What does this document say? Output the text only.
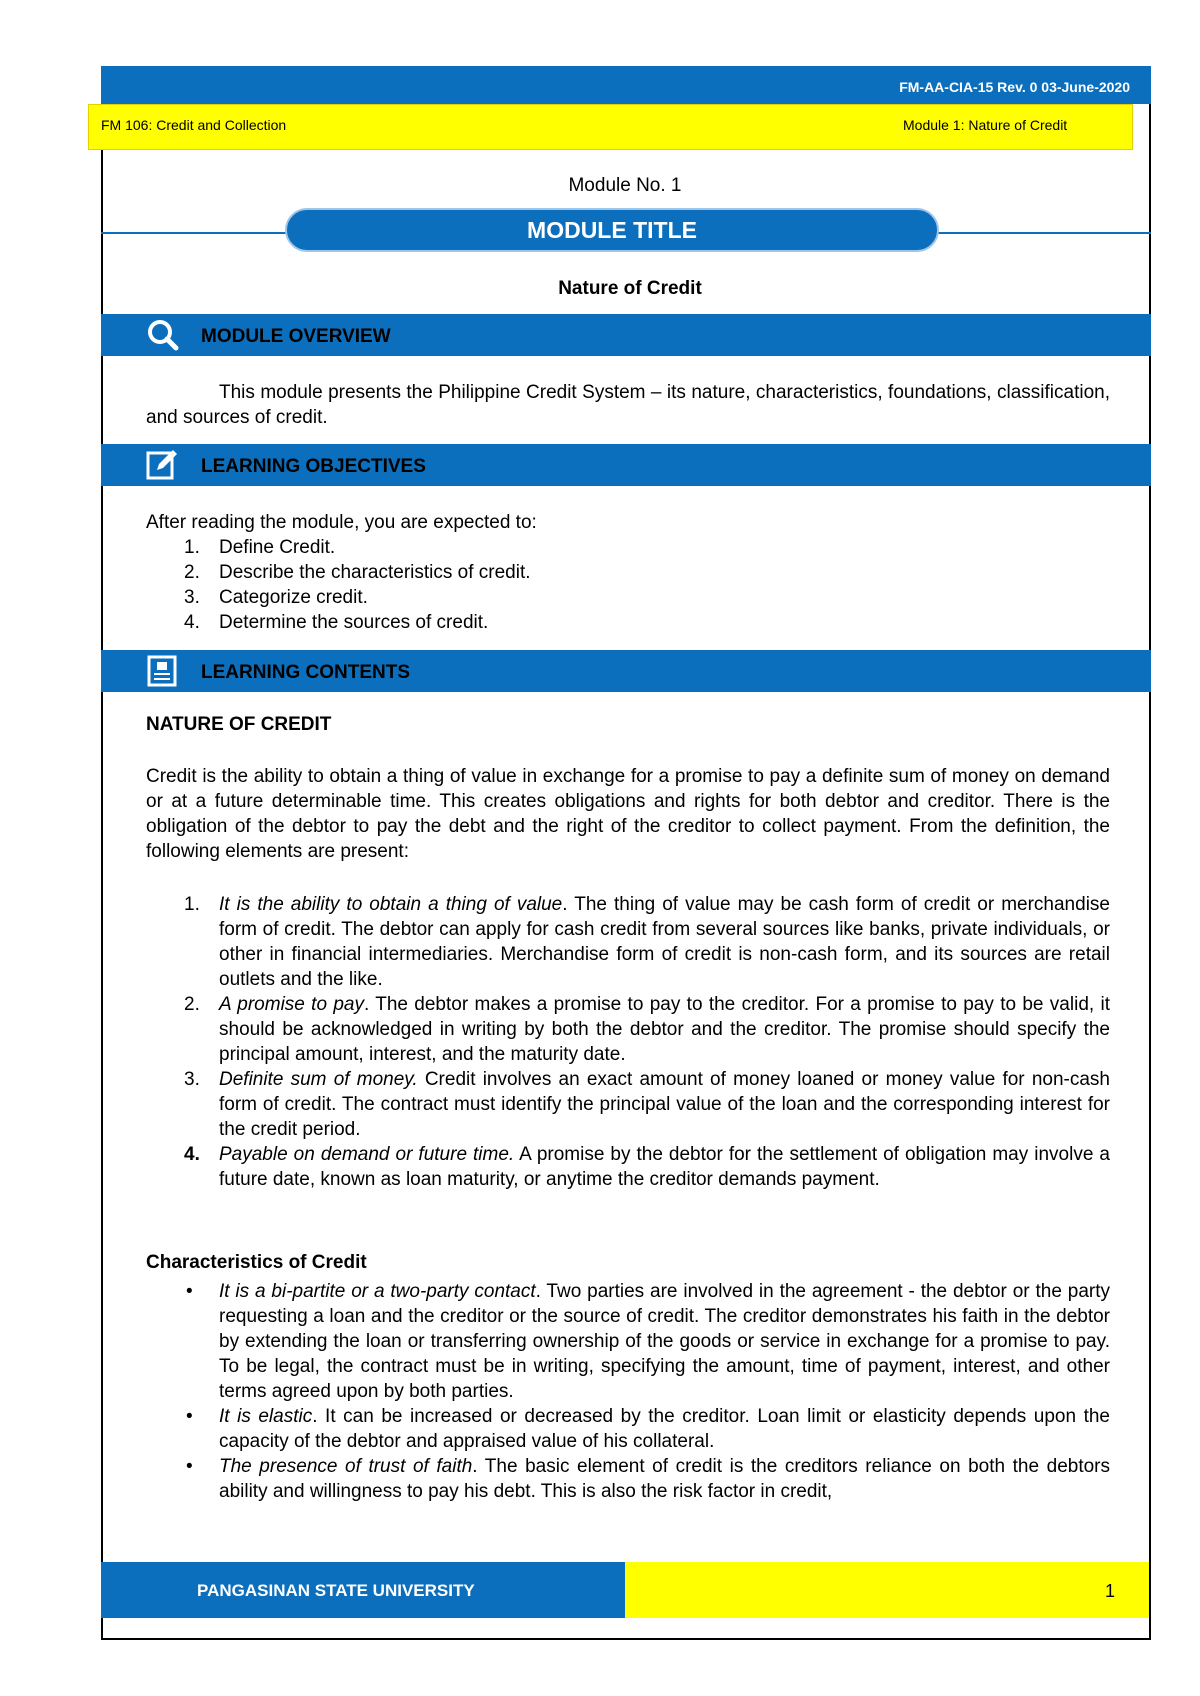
FM-AA-CIA-15 Rev. 0 03-June-2020
FM 106: Credit and Collection	Module 1: Nature of Credit
Module No. 1
MODULE TITLE
Nature of Credit
MODULE OVERVIEW
This module presents the Philippine Credit System – its nature, characteristics, foundations, classification, and sources of credit.
LEARNING OBJECTIVES
After reading the module, you are expected to:
1. Define Credit.
2. Describe the characteristics of credit.
3. Categorize credit.
4. Determine the sources of credit.
LEARNING CONTENTS
NATURE OF CREDIT
Credit is the ability to obtain a thing of value in exchange for a promise to pay a definite sum of money on demand or at a future determinable time. This creates obligations and rights for both debtor and creditor. There is the obligation of the debtor to pay the debt and the right of the creditor to collect payment. From the definition, the following elements are present:
1. It is the ability to obtain a thing of value. The thing of value may be cash form of credit or merchandise form of credit. The debtor can apply for cash credit from several sources like banks, private individuals, or other in financial intermediaries. Merchandise form of credit is non-cash form, and its sources are retail outlets and the like.
2. A promise to pay. The debtor makes a promise to pay to the creditor. For a promise to pay to be valid, it should be acknowledged in writing by both the debtor and the creditor. The promise should specify the principal amount, interest, and the maturity date.
3. Definite sum of money. Credit involves an exact amount of money loaned or money value for non-cash form of credit. The contract must identify the principal value of the loan and the corresponding interest for the credit period.
4. Payable on demand or future time. A promise by the debtor for the settlement of obligation may involve a future date, known as loan maturity, or anytime the creditor demands payment.
Characteristics of Credit
• It is a bi-partite or a two-party contact. Two parties are involved in the agreement - the debtor or the party requesting a loan and the creditor or the source of credit. The creditor demonstrates his faith in the debtor by extending the loan or transferring ownership of the goods or service in exchange for a promise to pay. To be legal, the contract must be in writing, specifying the amount, time of payment, interest, and other terms agreed upon by both parties.
• It is elastic. It can be increased or decreased by the creditor. Loan limit or elasticity depends upon the capacity of the debtor and appraised value of his collateral.
• The presence of trust of faith. The basic element of credit is the creditors reliance on both the debtors ability and willingness to pay his debt. This is also the risk factor in credit,
PANGASINAN STATE UNIVERSITY	1
